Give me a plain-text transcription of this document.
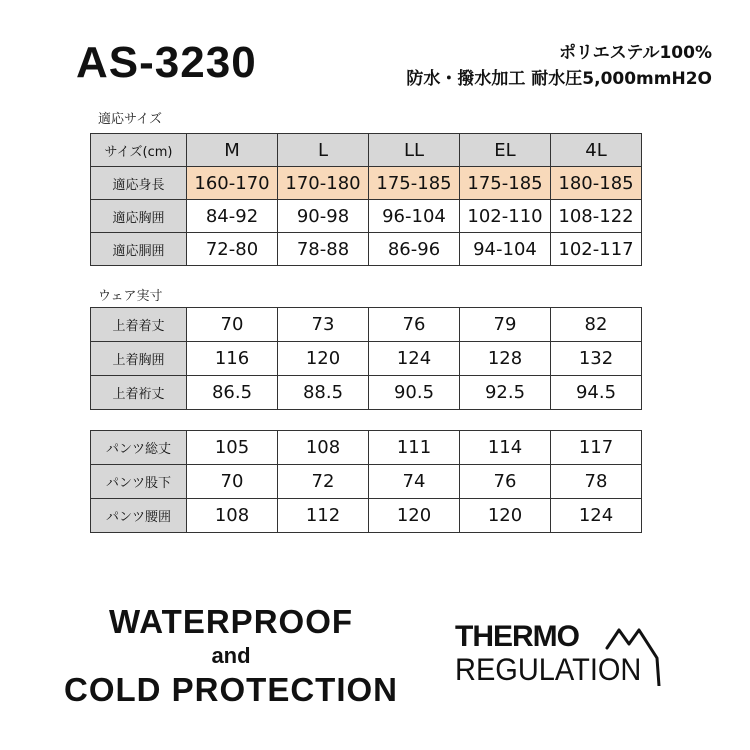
AS-3230	ポリエステル100%
防水・撥水加工 耐水圧5,000mmH2O
適応サイズ
サイズ(cm)	M	L	LL	EL	4L
適応身長	160-170	170-180	175-185	175-185	180-185
適応胸囲	84-92	90-98	96-104	102-110	108-122
適応胴囲	72-80	78-88	86-96	94-104	102-117
ウェア実寸
上着着丈	70	73	76	79	82
上着胸囲	116	120	124	128	132
上着裄丈	86.5	88.5	90.5	92.5	94.5
パンツ総丈	105	108	111	114	117
パンツ股下	70	72	74	76	78
パンツ腰囲	108	112	120	120	124
WATERPROOF
and
COLD PROTECTION
THERMO
REGULATION
